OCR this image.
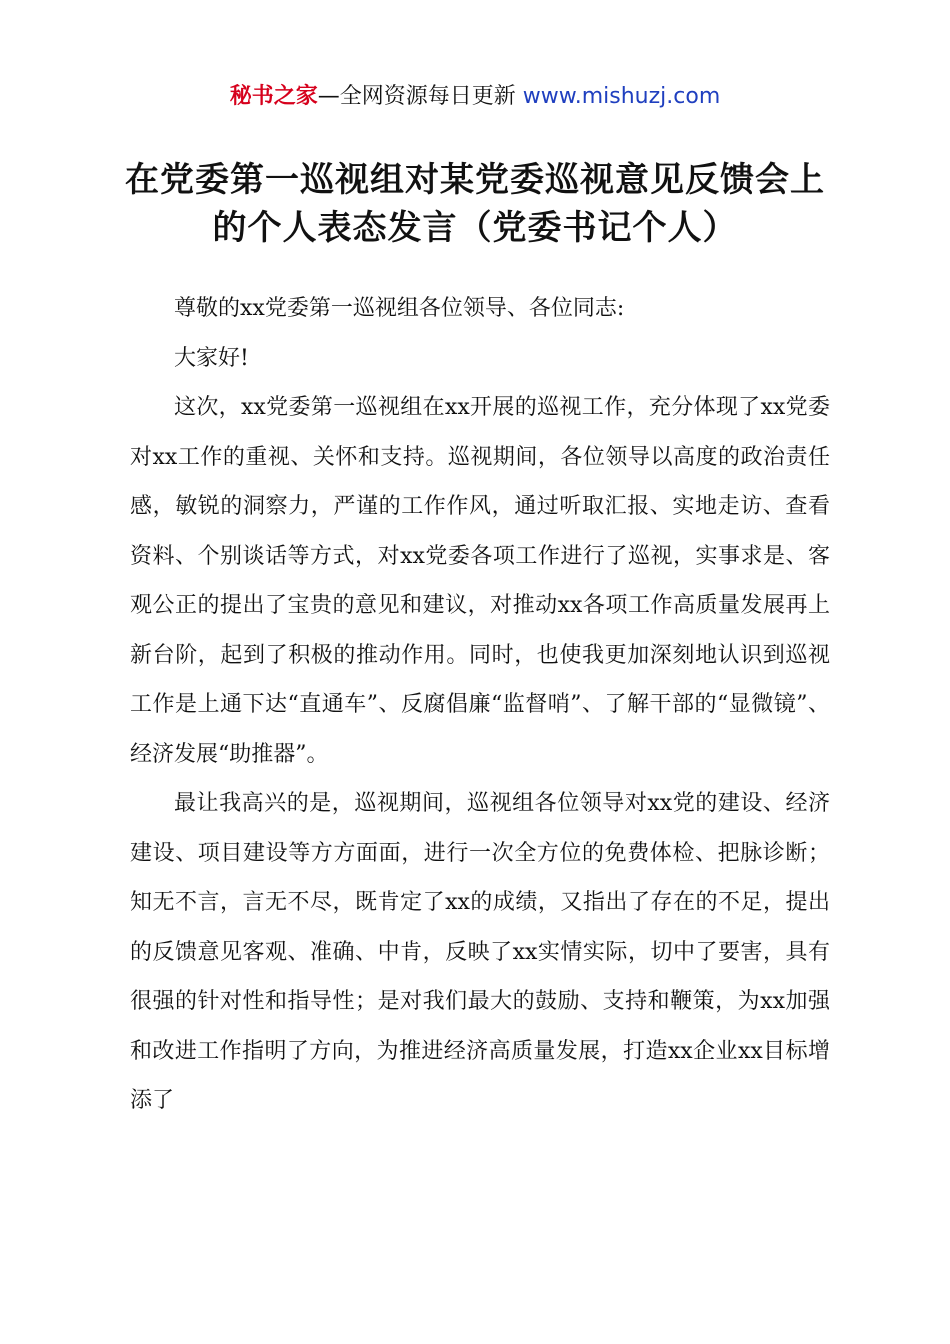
秘书之家—全网资源每日更新 www.mishuzj.com
在党委第一巡视组对某党委巡视意见反馈会上
的个人表态发言（党委书记个人）

尊敬的xx党委第一巡视组各位领导、各位同志:

大家好!

这次，xx党委第一巡视组在xx开展的巡视工作，充分体现了xx党委对xx工作的重视、关怀和支持。巡视期间，各位领导以高度的政治责任感，敏锐的洞察力，严谨的工作作风，通过听取汇报、实地走访、查看资料、个别谈话等方式，对xx党委各项工作进行了巡视，实事求是、客观公正的提出了宝贵的意见和建议，对推动xx各项工作高质量发展再上新台阶，起到了积极的推动作用。同时，也使我更加深刻地认识到巡视工作是上通下达“直通车”、反腐倡廉“监督哨”、了解干部的“显微镜”、经济发展“助推器”。

最让我高兴的是，巡视期间，巡视组各位领导对xx党的建设、经济建设、项目建设等方方面面，进行一次全方位的免费体检、把脉诊断；知无不言，言无不尽，既肯定了xx的成绩，又指出了存在的不足，提出的反馈意见客观、准确、中肯，反映了xx实情实际，切中了要害，具有很强的针对性和指导性；是对我们最大的鼓励、支持和鞭策，为xx加强和改进工作指明了方向，为推进经济高质量发展，打造xx企业xx目标增添了
